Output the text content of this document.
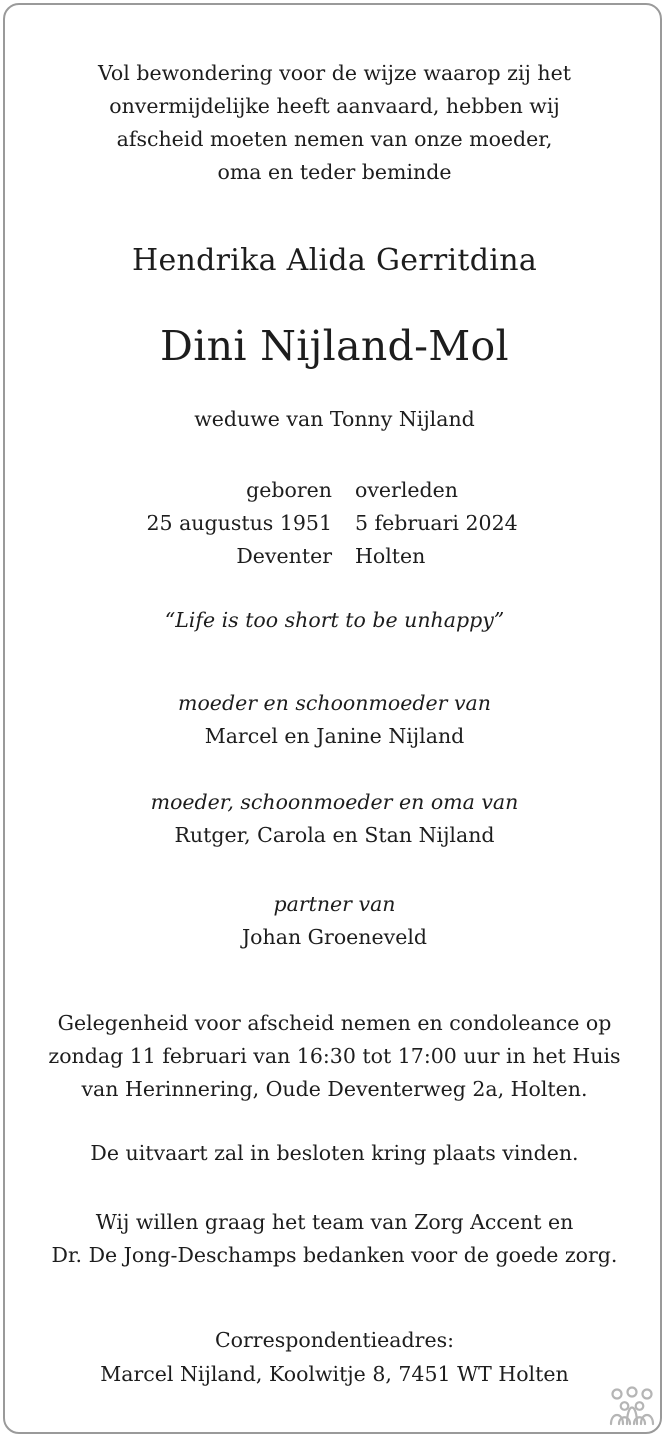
Vol bewondering voor de wijze waarop zij het
onvermijdelijke heeft aanvaard, hebben wij
afscheid moeten nemen van onze moeder,
oma en teder beminde
Hendrika Alida Gerritdina
Dini Nijland-Mol
weduwe van Tonny Nijland
geboren
25 augustus 1951
Deventer
overleden
5 februari 2024
Holten
“Life is too short to be unhappy”
moeder en schoonmoeder van
Marcel en Janine Nijland
moeder, schoonmoeder en oma van
Rutger, Carola en Stan Nijland
partner van
Johan Groeneveld
Gelegenheid voor afscheid nemen en condoleance op
zondag 11 februari van 16:30 tot 17:00 uur in het Huis
van Herinnering, Oude Deventerweg 2a, Holten.
De uitvaart zal in besloten kring plaats vinden.
Wij willen graag het team van Zorg Accent en
Dr. De Jong-Deschamps bedanken voor de goede zorg.
Correspondentieadres:
Marcel Nijland, Koolwitje 8, 7451 WT Holten
